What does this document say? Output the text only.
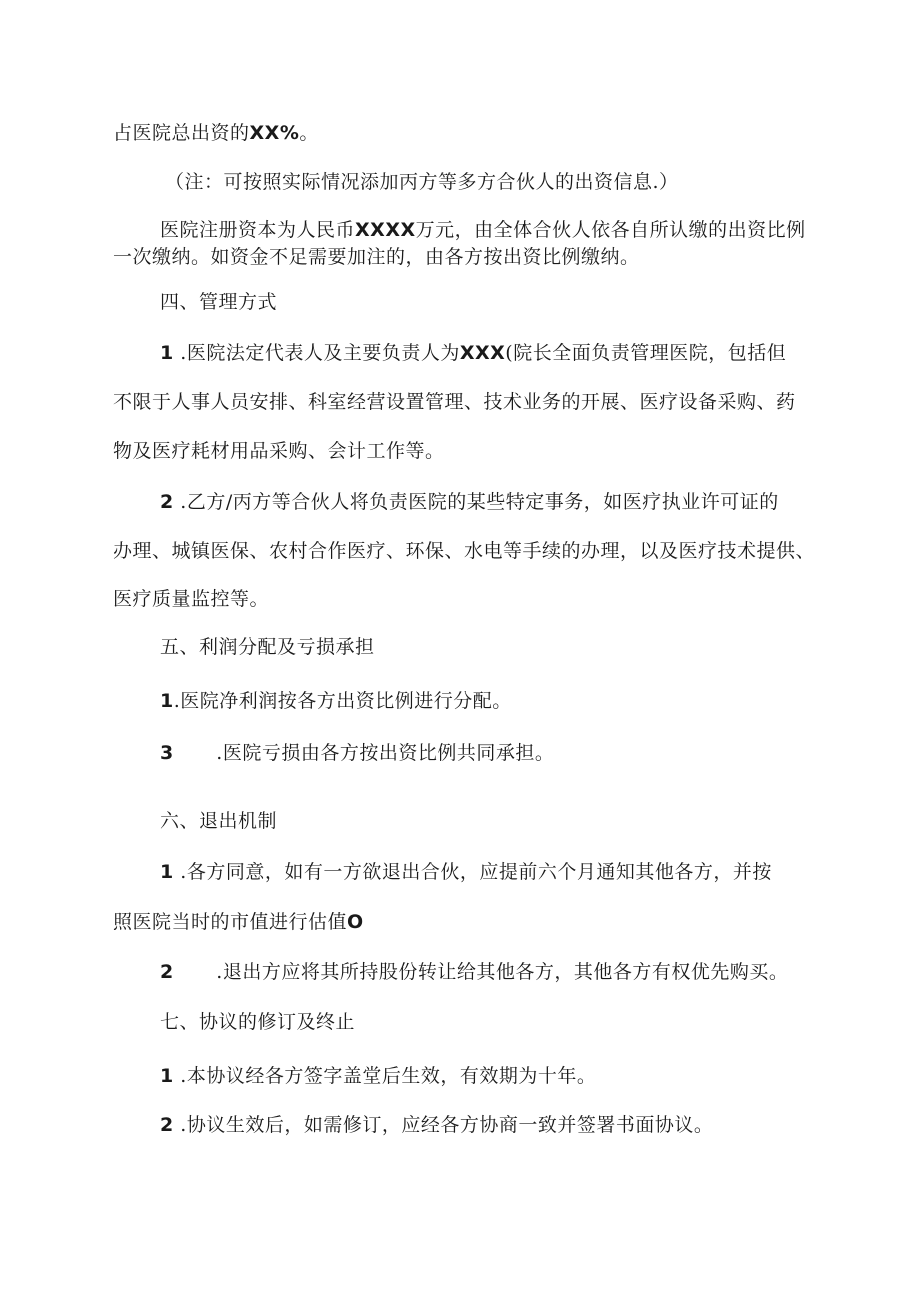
占医院总出资的XX%。
（注：可按照实际情况添加丙方等多方合伙人的出资信息.）
医院注册资本为人民币XXXX万元，由全体合伙人依各自所认缴的出资比例
一次缴纳。如资金不足需要加注的，由各方按出资比例缴纳。
四、管理方式
1 .医院法定代表人及主要负责人为XXX(院长全面负责管理医院，包括但
不限于人事人员安排、科室经营设置管理、技术业务的开展、医疗设备采购、药
物及医疗耗材用品采购、会计工作等。
2 .乙方/丙方等合伙人将负责医院的某些特定事务，如医疗执业许可证的
办理、城镇医保、农村合作医疗、环保、水电等手续的办理，以及医疗技术提供、
医疗质量监控等。
五、利润分配及亏损承担
1.医院净利润按各方出资比例进行分配。
3 .医院亏损由各方按出资比例共同承担。
六、退出机制
1 .各方同意，如有一方欲退出合伙，应提前六个月通知其他各方，并按
照医院当时的市值进行估值O
2 .退出方应将其所持股份转让给其他各方，其他各方有权优先购买。
七、协议的修订及终止
1 .本协议经各方签字盖堂后生效，有效期为十年。
2 .协议生效后，如需修订，应经各方协商一致并签署书面协议。
